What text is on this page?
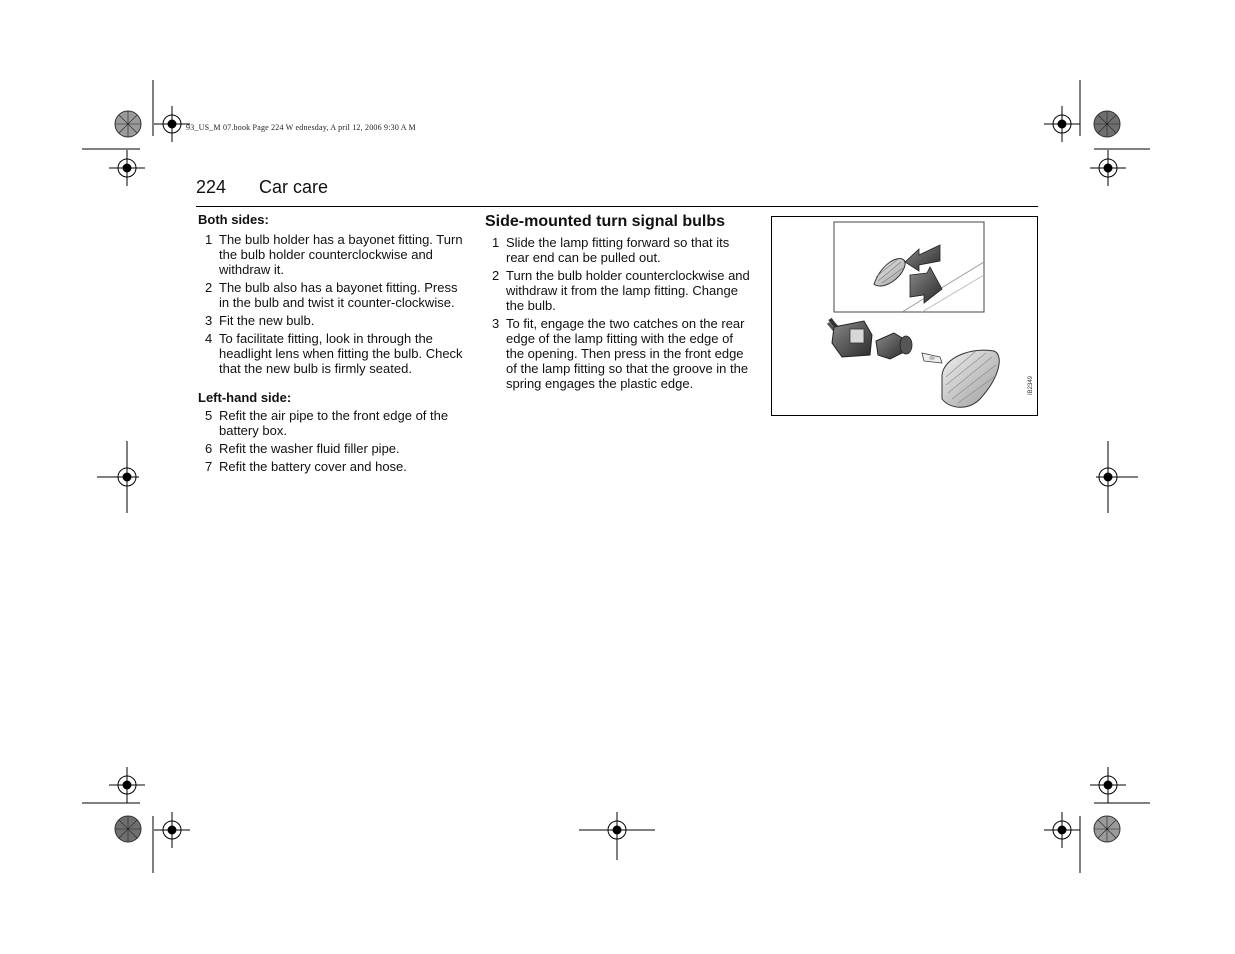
93_US_M 07.book Page 224 W ednesday, A pril 12, 2006 9:30 A M
224 Car care
Both sides:
1 The bulb holder has a bayonet fitting. Turn the bulb holder counterclockwise and withdraw it.
2 The bulb also has a bayonet fitting. Press in the bulb and twist it counter-clockwise.
3 Fit the new bulb.
4 To facilitate fitting, look in through the headlight lens when fitting the bulb. Check that the new bulb is firmly seated.
Left-hand side:
5 Refit the air pipe to the front edge of the battery box.
6 Refit the washer fluid filler pipe.
7 Refit the battery cover and hose.
Side-mounted turn signal bulbs
1 Slide the lamp fitting forward so that its rear end can be pulled out.
2 Turn the bulb holder counterclockwise and withdraw it from the lamp fitting. Change the bulb.
3 To fit, engage the two catches on the rear edge of the lamp fitting with the edge of the opening. Then press in the front edge of the lamp fitting so that the groove in the spring engages the plastic edge.	IB2349
